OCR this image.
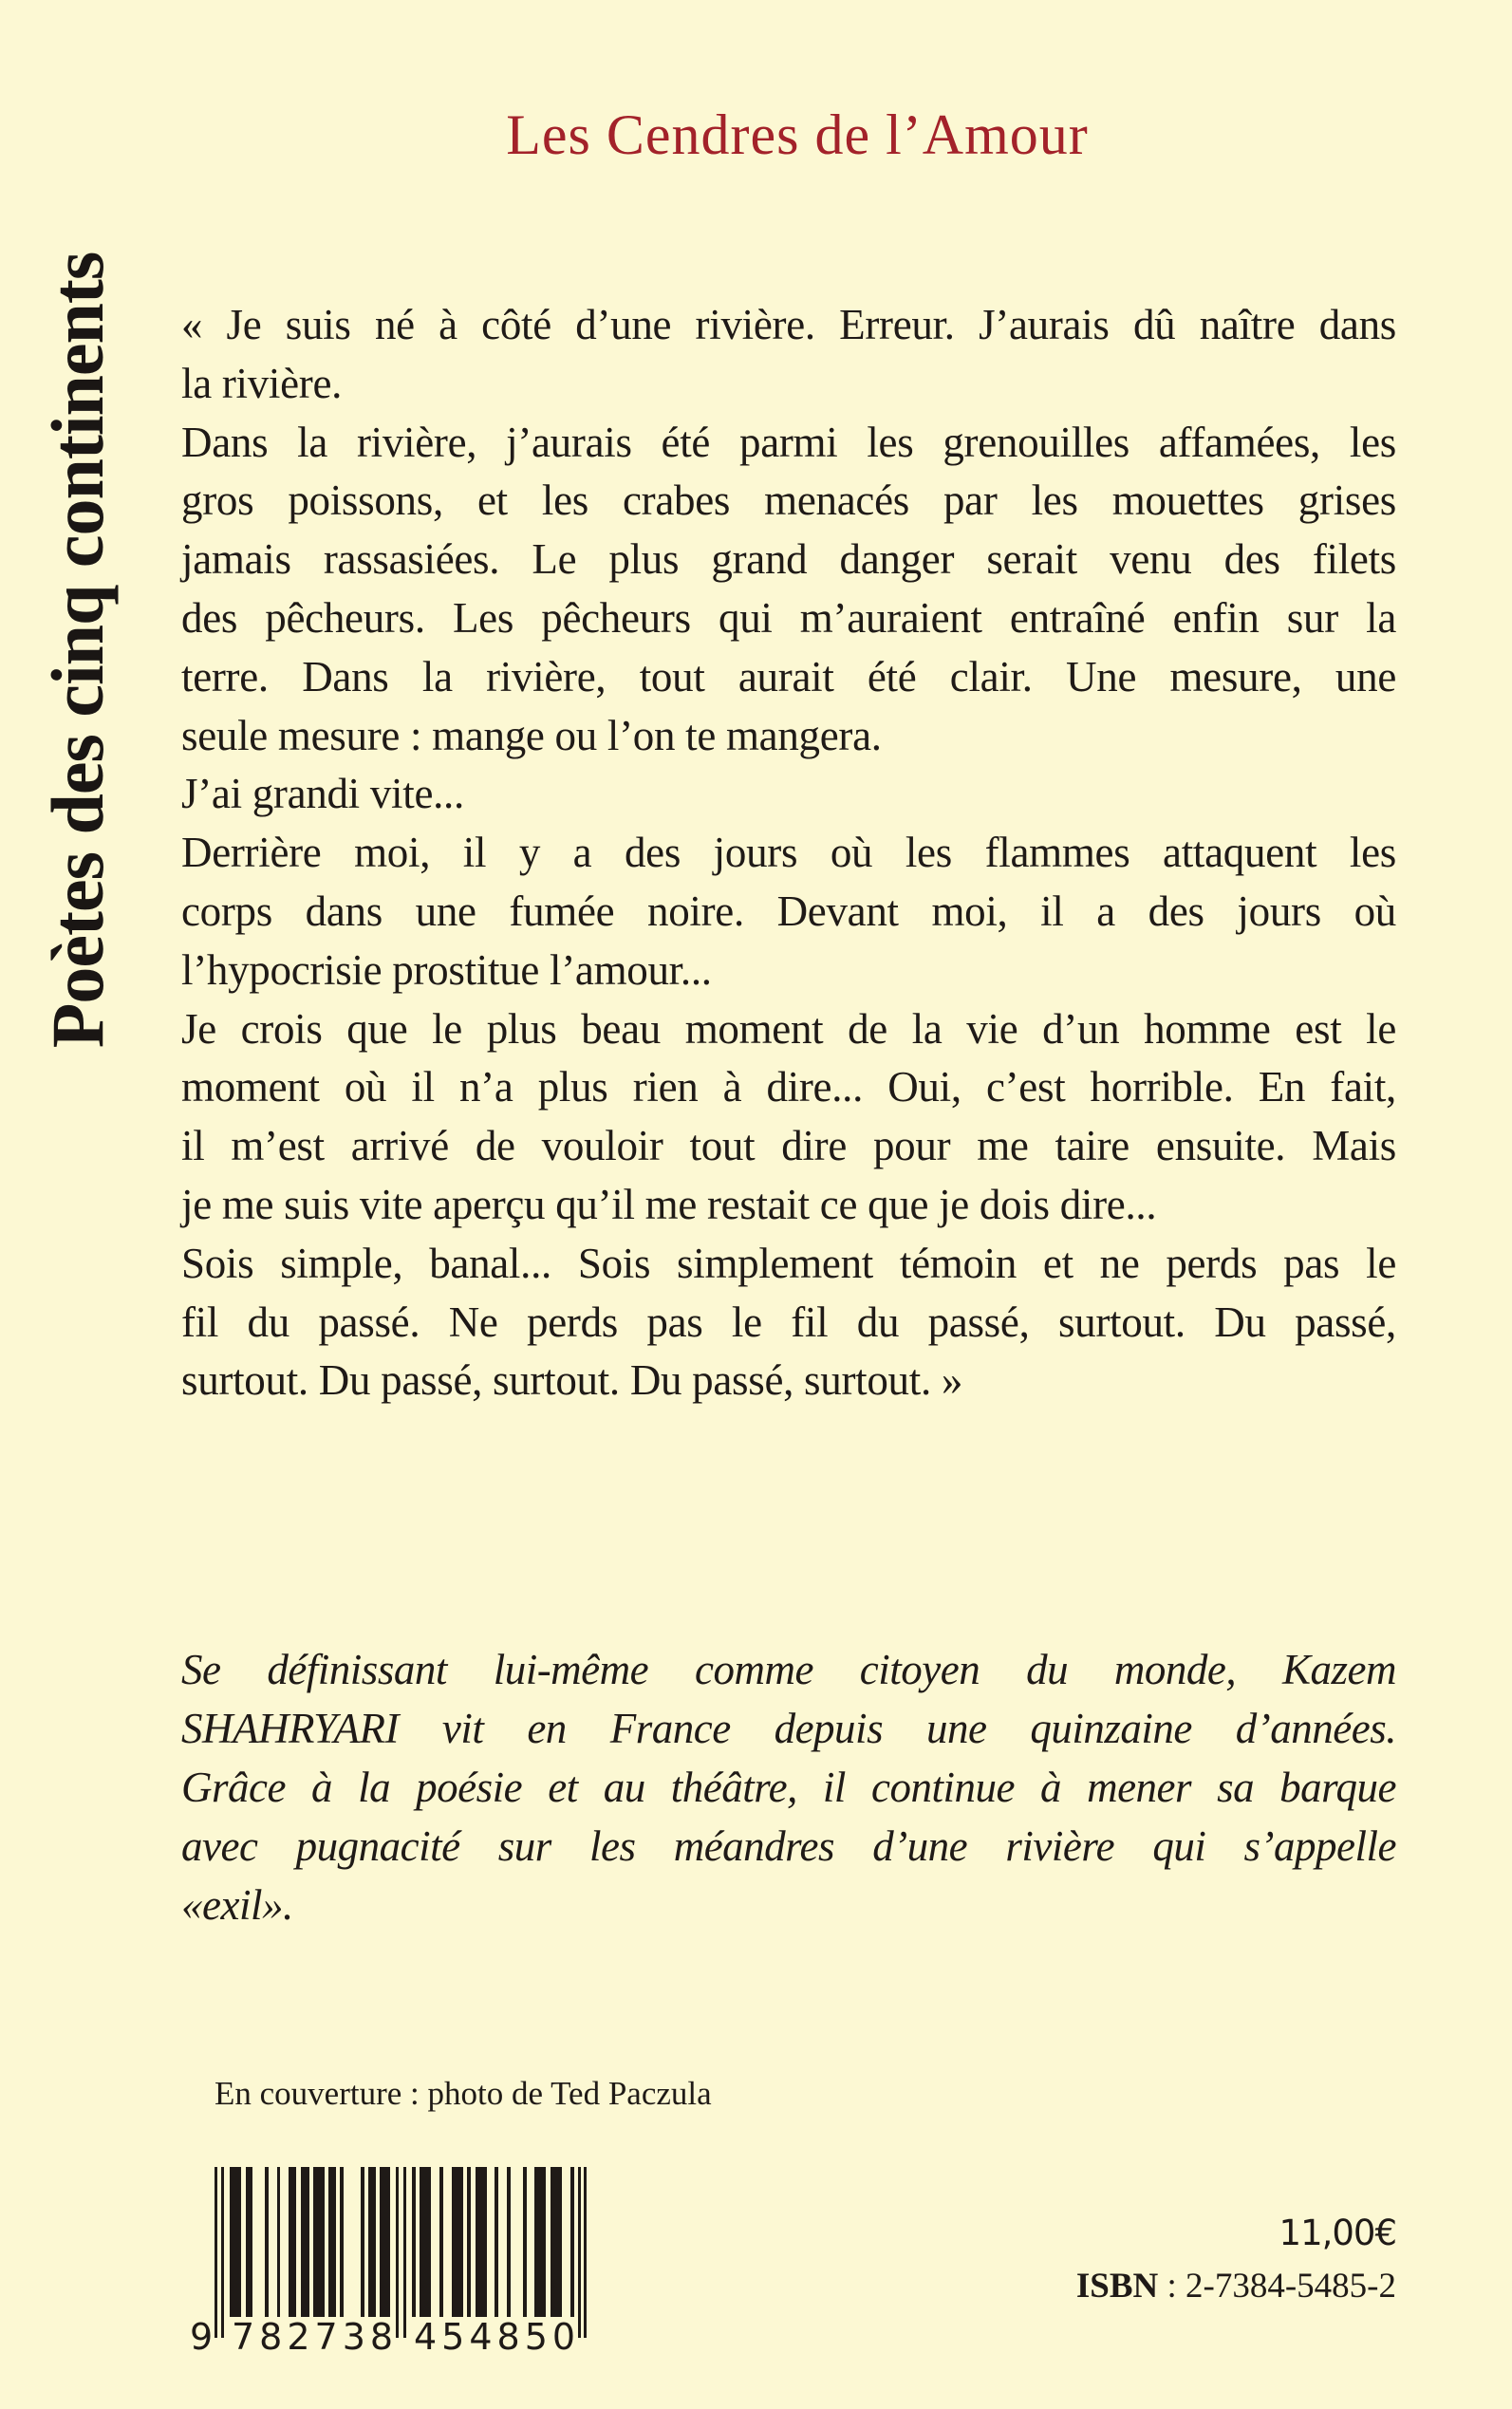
Poètes des cinq continents
Les Cendres de l’Amour
« Je suis né à côté d’une rivière. Erreur. J’aurais dû naître dans
la rivière.
Dans la rivière, j’aurais été parmi les grenouilles affamées, les
gros poissons, et les crabes menacés par les mouettes grises
jamais rassasiées. Le plus grand danger serait venu des filets
des pêcheurs. Les pêcheurs qui m’auraient entraîné enfin sur la
terre. Dans la rivière, tout aurait été clair. Une mesure, une
seule mesure : mange ou l’on te mangera.
J’ai grandi vite...
Derrière moi, il y a des jours où les flammes attaquent les
corps dans une fumée noire. Devant moi, il a des jours où
l’hypocrisie prostitue l’amour...
Je crois que le plus beau moment de la vie d’un homme est le
moment où il n’a plus rien à dire... Oui, c’est horrible. En fait,
il m’est arrivé de vouloir tout dire pour me taire ensuite. Mais
je me suis vite aperçu qu’il me restait ce que je dois dire...
Sois simple, banal... Sois simplement témoin et ne perds pas le
fil du passé. Ne perds pas le fil du passé, surtout. Du passé,
surtout. Du passé, surtout. Du passé, surtout. »
Se définissant lui-même comme citoyen du monde, Kazem
SHAHRYARI vit en France depuis une quinzaine d’années.
Grâce à la poésie et au théâtre, il continue à mener sa barque
avec pugnacité sur les méandres d’une rivière qui s’appelle
«exil».
En couverture : photo de Ted Paczula
9 782738 454850
11,00€
ISBN : 2-7384-5485-2
